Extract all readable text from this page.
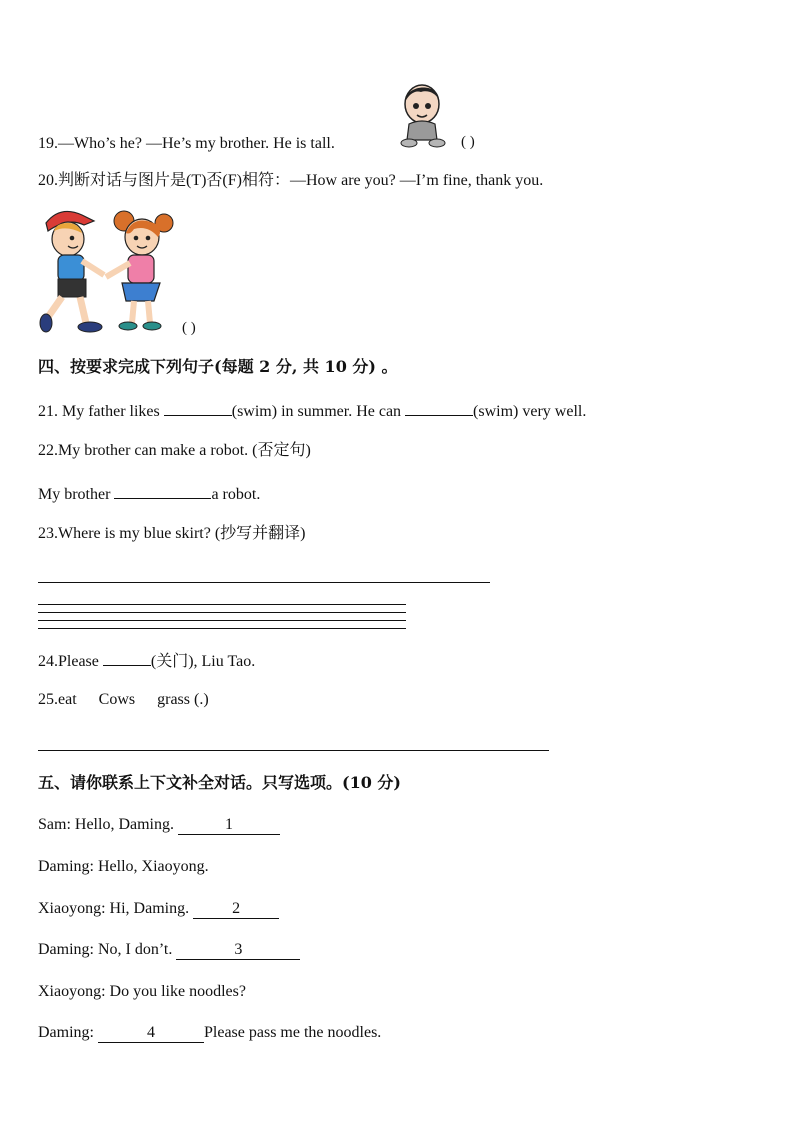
19.—Who’s he? —He’s my brother. He is tall.	( )
20.判断对话与图片是(T)否(F)相符：—How are you? —I’m fine, thank you.
( )
四、按要求完成下列句子(每题 2 分, 共 10 分) 。
21. My father likes	(swim) in summer. He can	(swim) very well.
22.My brother can make a robot. (否定句)
My brother	a robot.
23.Where is my blue skirt? (抄写并翻译)
24.Please	(关门), Liu Tao.
25.eat Cows grass (.)
五、请你联系上下文补全对话。只写选项。(10 分)
Sam: Hello, Daming.	1
Daming: Hello, Xiaoyong.
Xiaoyong: Hi, Daming. 2
Daming: No, I don’t.	3
Xiaoyong: Do you like noodles?
Daming:	4	Please pass me the noodles.
